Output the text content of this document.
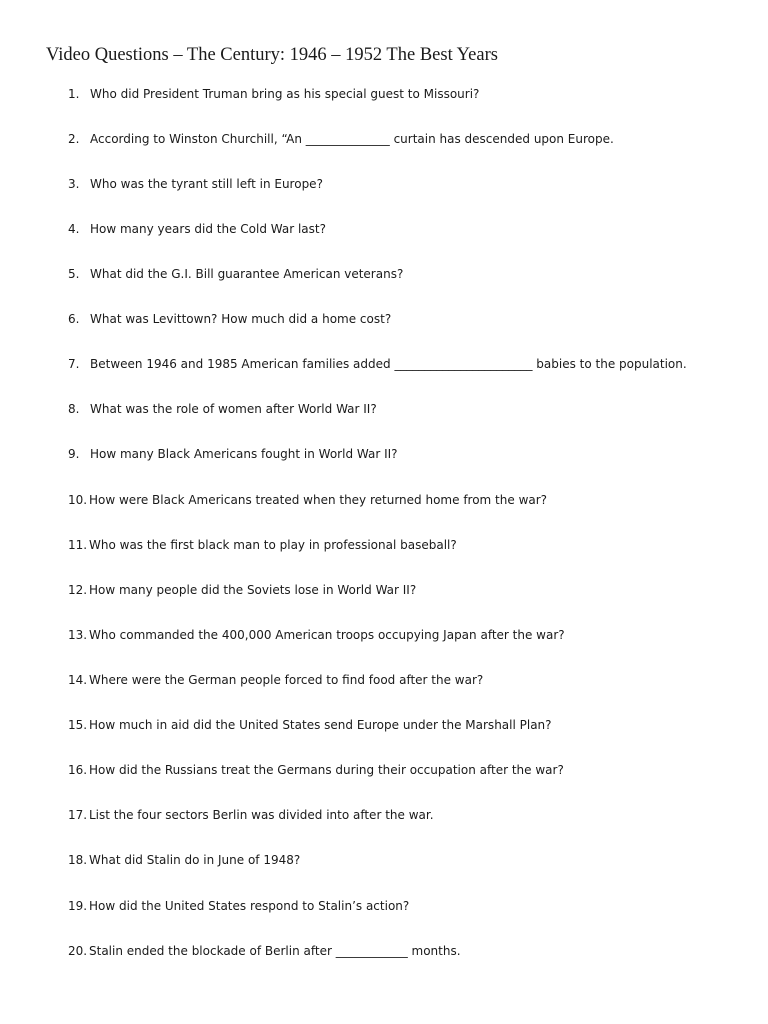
Video Questions – The Century: 1946 – 1952 The Best Years
1. Who did President Truman bring as his special guest to Missouri?
2. According to Winston Churchill, “An ______________ curtain has descended upon Europe.
3. Who was the tyrant still left in Europe?
4. How many years did the Cold War last?
5. What did the G.I. Bill guarantee American veterans?
6. What was Levittown? How much did a home cost?
7. Between 1946 and 1985 American families added _______________________ babies to the population.
8. What was the role of women after World War II?
9. How many Black Americans fought in World War II?
10. How were Black Americans treated when they returned home from the war?
11. Who was the first black man to play in professional baseball?
12. How many people did the Soviets lose in World War II?
13. Who commanded the 400,000 American troops occupying Japan after the war?
14. Where were the German people forced to find food after the war?
15. How much in aid did the United States send Europe under the Marshall Plan?
16. How did the Russians treat the Germans during their occupation after the war?
17. List the four sectors Berlin was divided into after the war.
18. What did Stalin do in June of 1948?
19. How did the United States respond to Stalin’s action?
20. Stalin ended the blockade of Berlin after ____________ months.
